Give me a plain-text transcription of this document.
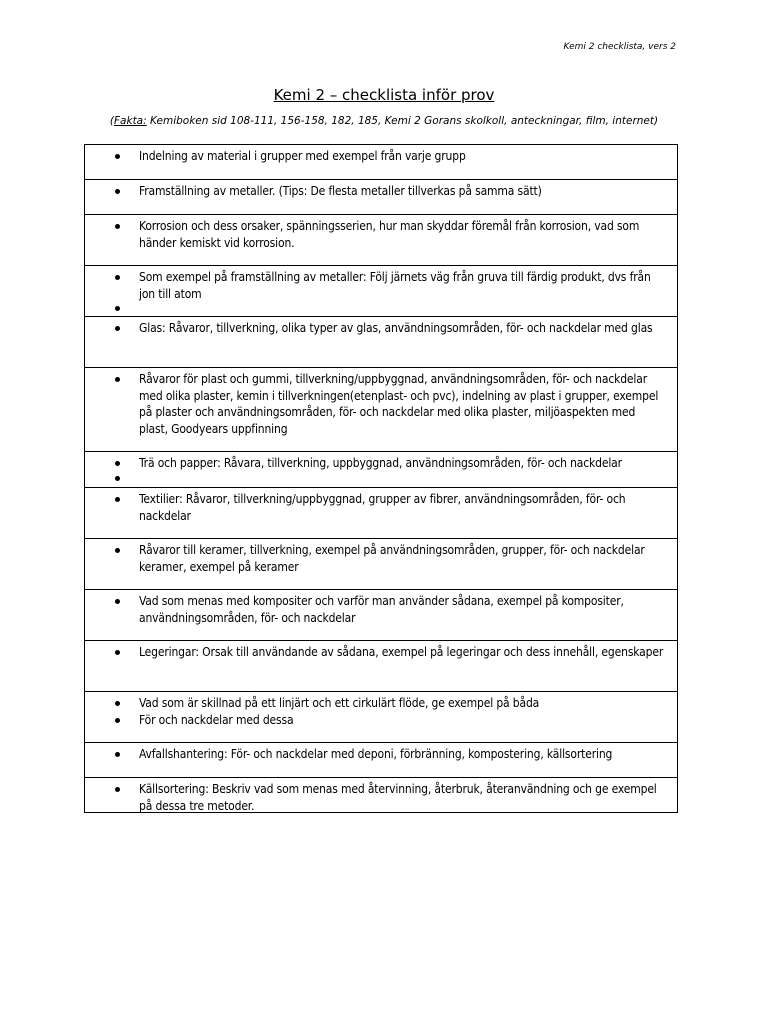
Kemi 2 checklista, vers 2
Kemi 2 – checklista inför prov
(Fakta: Kemiboken sid 108-111, 156-158, 182, 185, Kemi 2 Gorans skolkoll, anteckningar, film, internet)
Indelning av material i grupper med exempel från varje grupp

Framställning av metaller. (Tips: De flesta metaller tillverkas på samma sätt)

Korrosion och dess orsaker, spänningsserien, hur man skyddar föremål från korrosion, vad som händer kemiskt vid korrosion.

Som exempel på framställning av metaller: Följ järnets väg från gruva till färdig produkt, dvs från jon till atom

Glas: Råvaror, tillverkning, olika typer av glas, användningsområden, för- och nackdelar med glas

Råvaror för plast och gummi, tillverkning/uppbyggnad, användningsområden, för- och nackdelar med olika plaster, kemin i tillverkningen(etenplast- och pvc), indelning av plast i grupper, exempel på plaster och användningsområden, för- och nackdelar med olika plaster, miljöaspekten med plast, Goodyears uppfinning

Trä och papper: Råvara, tillverkning, uppbyggnad, användningsområden, för- och nackdelar

Textilier: Råvaror, tillverkning/uppbyggnad, grupper av fibrer, användningsområden, för- och nackdelar

Råvaror till keramer, tillverkning, exempel på användningsområden, grupper, för- och nackdelar keramer, exempel på keramer

Vad som menas med kompositer och varför man använder sådana, exempel på kompositer, användningsområden, för- och nackdelar

Legeringar: Orsak till användande av sådana, exempel på legeringar och dess innehåll, egenskaper

Vad som är skillnad på ett linjärt och ett cirkulärt flöde, ge exempel på båda
För och nackdelar med dessa

Avfallshantering: För- och nackdelar med deponi, förbränning, kompostering, källsortering

Källsortering: Beskriv vad som menas med återvinning, återbruk, återanvändning och ge exempel på dessa tre metoder.
